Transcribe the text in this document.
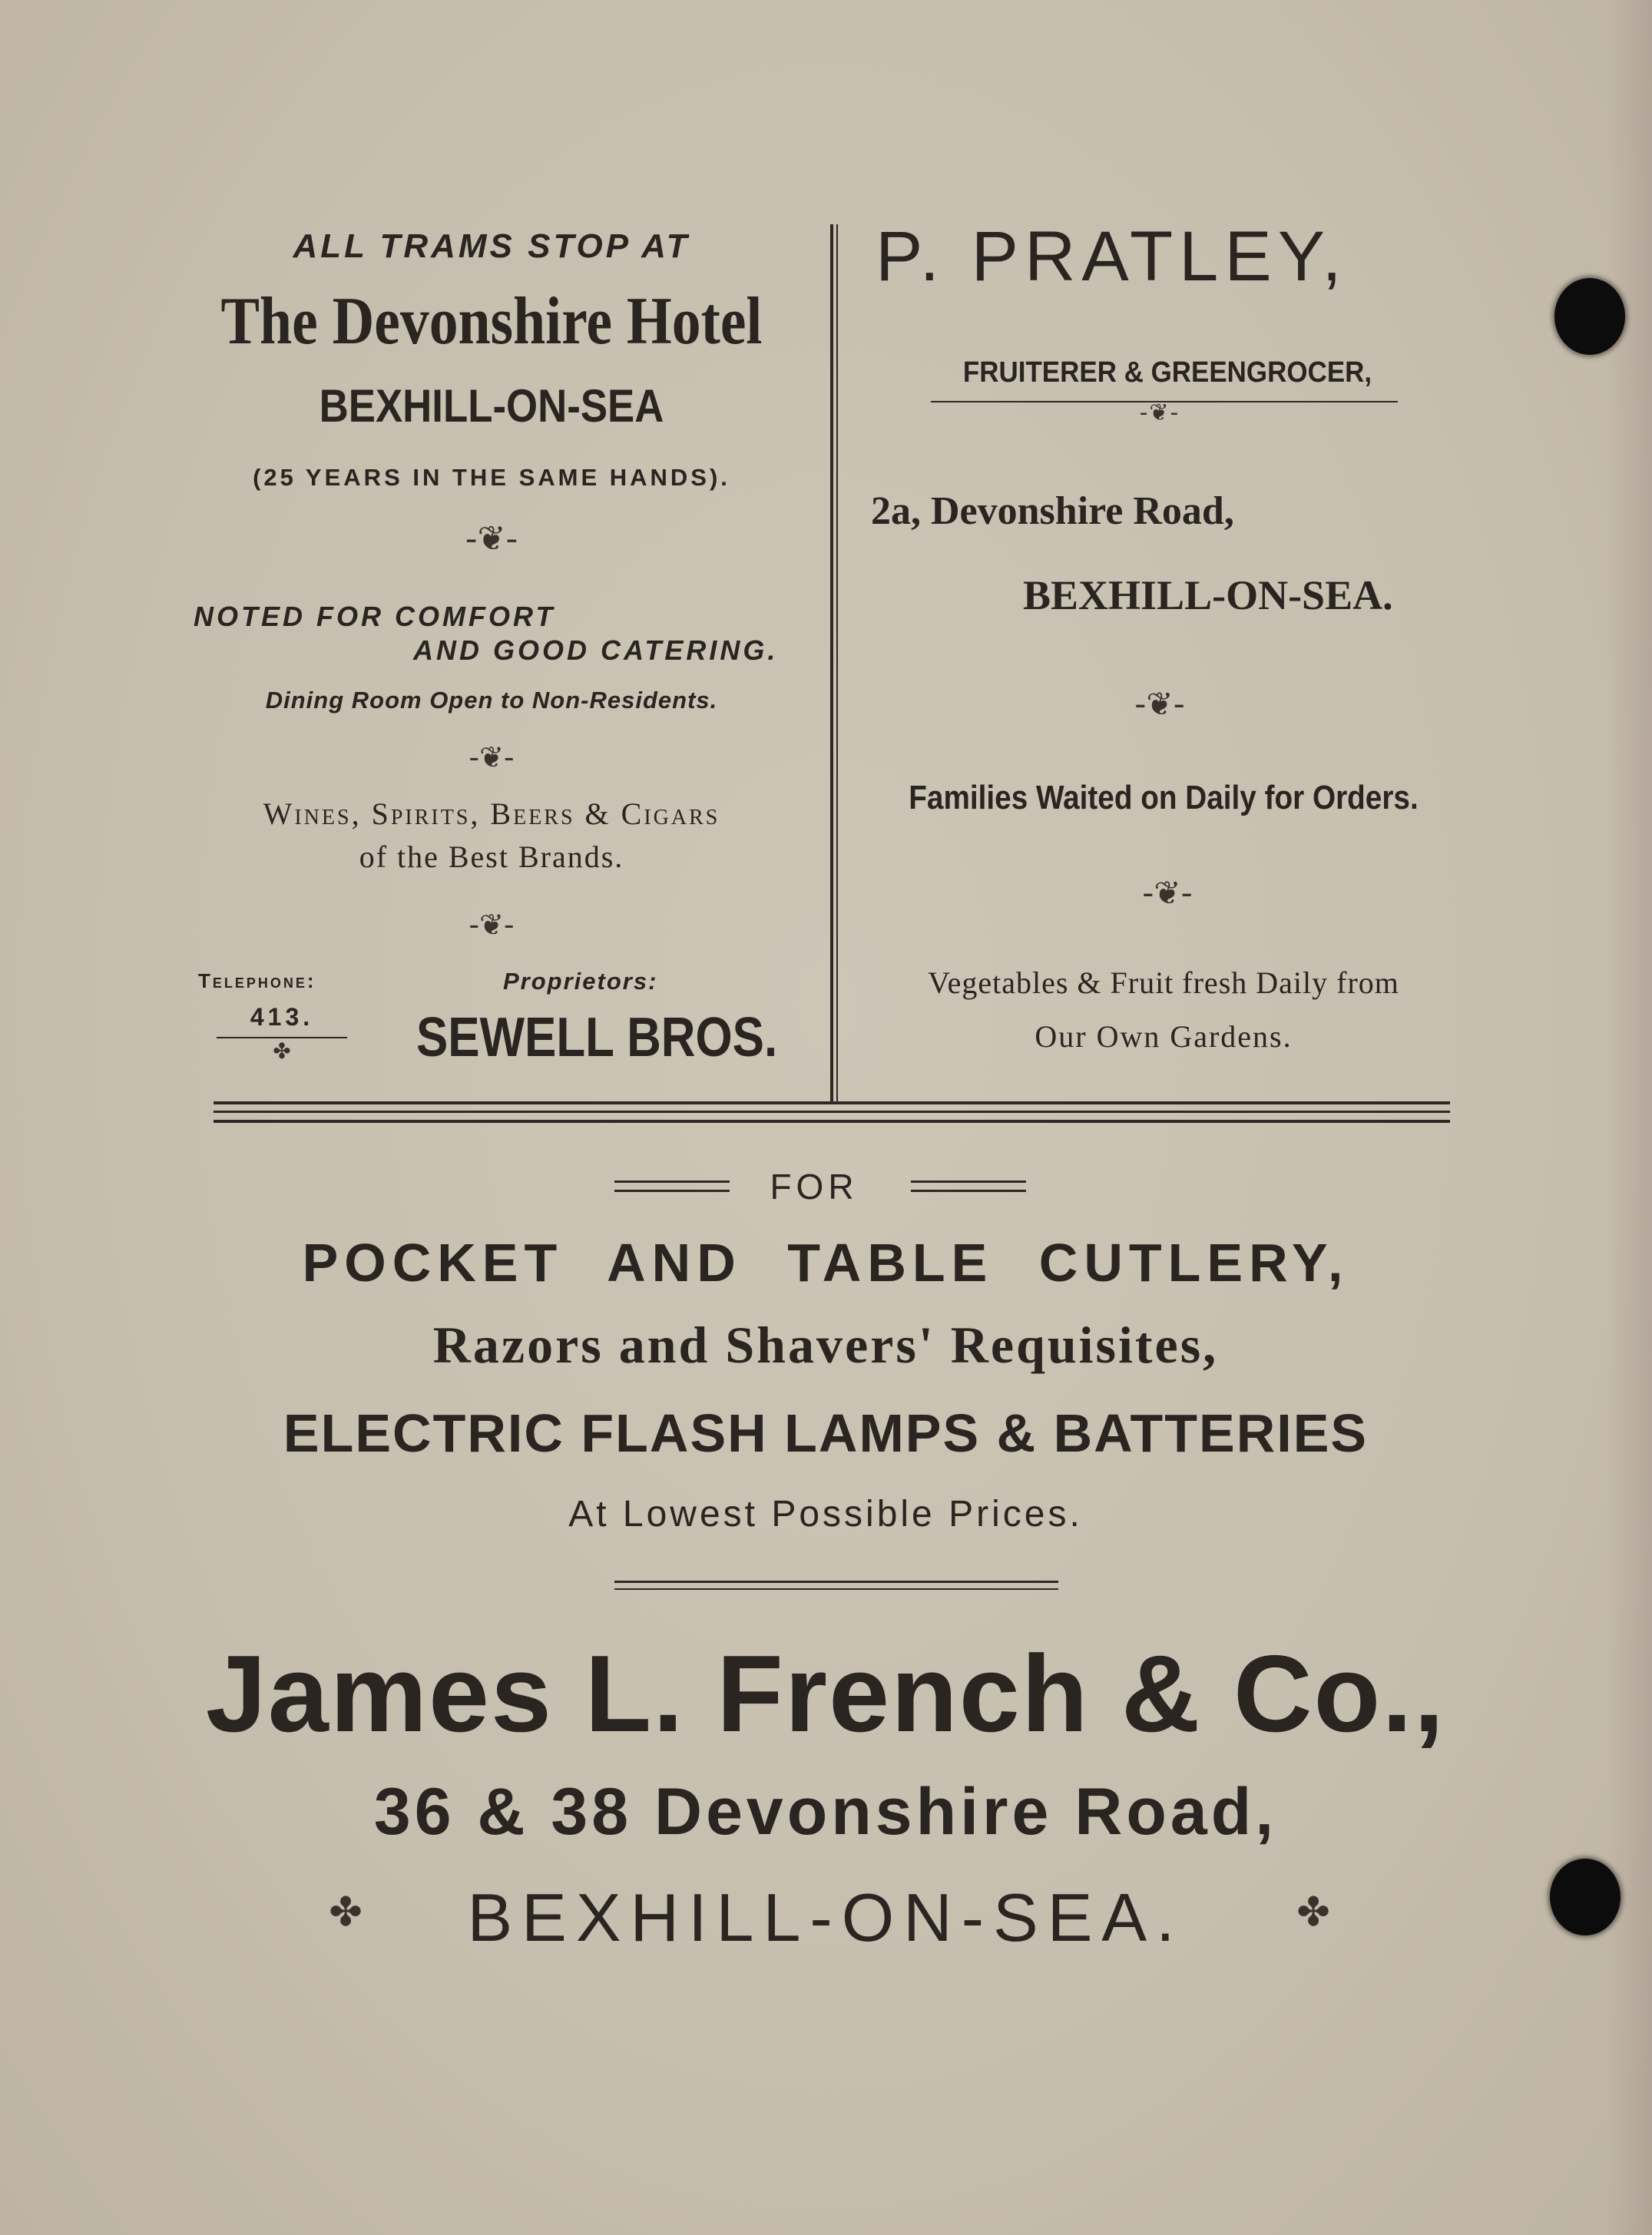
ALL TRAMS STOP AT
The Devonshire Hotel
BEXHILL-ON-SEA
(25 YEARS IN THE SAME HANDS).
-❦-
NOTED FOR COMFORT
AND GOOD CATERING.
Dining Room Open to Non-Residents.
-❦-
Wines, Spirits, Beers & Cigars
of the Best Brands.
-❦-
Telephone:
413.
✤
Proprietors:
SEWELL BROS.
P. PRATLEY,
FRUITERER & GREENGROCER,
-❦-
2a, Devonshire Road,
BEXHILL-ON-SEA.
-❦-
Families Waited on Daily for Orders.
-❦-
Vegetables & Fruit fresh Daily from
Our Own Gardens.
FOR
POCKET AND TABLE CUTLERY,
Razors and Shavers' Requisites,
ELECTRIC FLASH LAMPS & BATTERIES
At Lowest Possible Prices.
James L. French & Co.,
36 & 38 Devonshire Road,
✤	BEXHILL-ON-SEA.	✤
